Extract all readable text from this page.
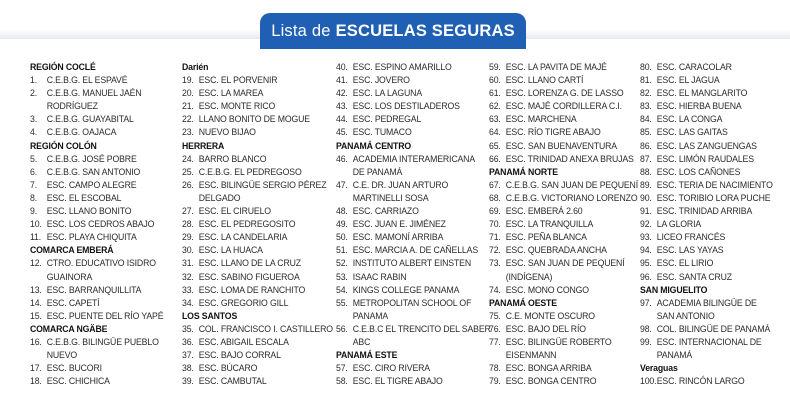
Lista de ESCUELAS SEGURAS
REGIÓN COCLÉ
1. C.E.B.G. EL ESPAVÉ
2. C.E.B.G. MANUEL JAÉN
RODRÍGUEZ
3. C.E.B.G. GUAYABITAL
4. C.E.B.G. OAJACA
REGIÓN COLÓN
5. C.E.B.G. JOSÉ POBRE
6. C.E.B.G. SAN ANTONIO
7. ESC. CAMPO ALEGRE
8. ESC. EL ESCOBAL
9. ESC. LLANO BONITO
10. ESC. LOS CEDROS ABAJO
11. ESC. PLAYA CHIQUITA
COMARCA EMBERÁ
12. CTRO. EDUCATIVO ISIDRO
GUAINORA
13. ESC. BARRANQUILLITA
14. ESC. CAPETÍ
15. ESC. PUENTE DEL RÍO YAPÉ
COMARCA NGÄBE
16. C.E.B.G. BILINGÜE PUEBLO
NUEVO
17. ESC. BUCORI
18. ESC. CHICHICA
Darién
19. ESC. EL PORVENIR
20. ESC. LA MAREA
21. ESC. MONTE RICO
22. LLANO BONITO DE MOGUE
23. NUEVO BIJAO
HERRERA
24. BARRO BLANCO
25. C.E.B.G. EL PEDREGOSO
26. ESC. BILINGÜE SERGIO PÉREZ
DELGADO
27. ESC. EL CIRUELO
28. ESC. EL PEDREGOSITO
29. ESC. LA CANDELARIA
30. ESC. LA HUACA
31. ESC. LLANO DE LA CRUZ
32. ESC. SABINO FIGUEROA
33. ESC. LOMA DE RANCHITO
34. ESC. GREGORIO GILL
LOS SANTOS
35. COL. FRANCISCO I. CASTILLERO
36. ESC. ABIGAIL ESCALA
37. ESC. BAJO CORRAL
38. ESC. BÚCARO
39. ESC. CAMBUTAL
40. ESC. ESPINO AMARILLO
41. ESC. JOVERO
42. ESC. LA LAGUNA
43. ESC. LOS DESTILADEROS
44. ESC. PEDREGAL
45. ESC. TUMACO
PANAMÁ CENTRO
46. ACADEMIA INTERAMERICANA
DE PANAMÁ
47. C.E. DR. JUAN ARTURO
MARTINELLI SOSA
48. ESC. CARRIAZO
49. ESC. JUAN E. JIMÉNEZ
50. ESC. MAMONÍ ARRIBA
51. ESC. MARCIA A. DE CAÑELLAS
52. INSTITUTO ALBERT EINSTEN
53. ISAAC RABIN
54. KINGS COLLEGE PANAMA
55. METROPOLITAN SCHOOL OF
PANAMA
56. C.E.B.C EL TRENCITO DEL SABER
ABC
PANAMÁ ESTE
57. ESC. CIRO RIVERA
58. ESC. EL TIGRE ABAJO
59. ESC. LA PAVITA DE MAJÉ
60. ESC. LLANO CARTÍ
61. ESC. LORENZA G. DE LASSO
62. ESC. MAJÉ CORDILLERA C.I.
63. ESC. MARCHENA
64. ESC. RÍO TIGRE ABAJO
65. ESC. SAN BUENAVENTURA
66. ESC. TRINIDAD ANEXA BRUJAS
PANAMÁ NORTE
67. C.E.B.G. SAN JUAN DE PEQUENÍ
68. C.E.B.G. VICTORIANO LORENZO
69. ESC. EMBERÁ 2.60
70. ESC. LA TRANQUILLA
71. ESC. PEÑA BLANCA
72. ESC. QUEBRADA ANCHA
73. ESC. SAN JUAN DE PEQUENÍ
(INDÍGENA)
74. ESC. MONO CONGO
PANAMÁ OESTE
75. C.E. MONTE OSCURO
76. ESC. BAJO DEL RÍO
77. ESC. BILINGÜE ROBERTO
EISENMANN
78. ESC. BONGA ARRIBA
79. ESC. BONGA CENTRO
80. ESC. CARACOLAR
81. ESC. EL JAGUA
82. ESC. EL MANGLARITO
83. ESC. HIERBA BUENA
84. ESC. LA CONGA
85. ESC. LAS GAITAS
86. ESC. LAS ZANGUENGAS
87. ESC. LIMÓN RAUDALES
88. ESC. LOS CAÑONES
89. ESC. TERIA DE NACIMIENTO
90. ESC. TORIBIO LORA PUCHE
91. ESC. TRINIDAD ARRIBA
92. LA GLORIA
93. LICEO FRANCÉS
94. ESC. LAS YAYAS
95. ESC. EL LIRIO
96. ESC. SANTA CRUZ
SAN MIGUELITO
97. ACADEMIA BILINGÜE DE
SAN ANTONIO
98. COL. BILINGÜE DE PANAMÁ
99. ESC. INTERNACIONAL DE
PANAMÁ
Veraguas
100.ESC. RINCÓN LARGO
